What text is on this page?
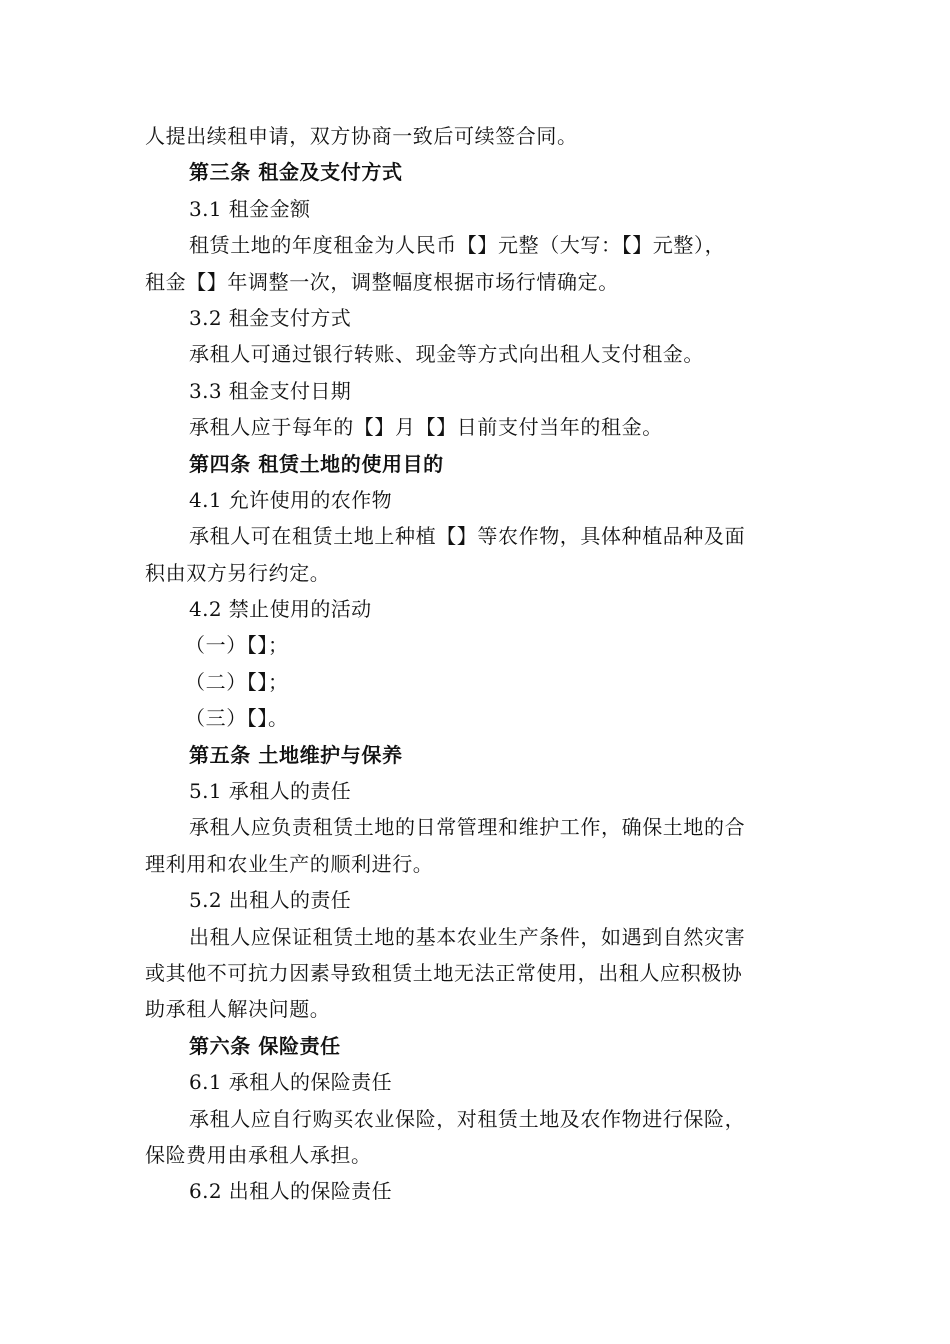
人提出续租申请，双方协商一致后可续签合同。
第三条 租金及支付方式
3.1 租金金额
租赁土地的年度租金为人民币【】元整（大写：【】元整），
租金【】年调整一次，调整幅度根据市场行情确定。
3.2 租金支付方式
承租人可通过银行转账、现金等方式向出租人支付租金。
3.3 租金支付日期
承租人应于每年的【】月【】日前支付当年的租金。
第四条 租赁土地的使用目的
4.1 允许使用的农作物
承租人可在租赁土地上种植【】等农作物，具体种植品种及面
积由双方另行约定。
4.2 禁止使用的活动
（一）【】；
（二）【】；
（三）【】。
第五条 土地维护与保养
5.1 承租人的责任
承租人应负责租赁土地的日常管理和维护工作，确保土地的合
理利用和农业生产的顺利进行。
5.2 出租人的责任
出租人应保证租赁土地的基本农业生产条件，如遇到自然灾害
或其他不可抗力因素导致租赁土地无法正常使用，出租人应积极协
助承租人解决问题。
第六条 保险责任
6.1 承租人的保险责任
承租人应自行购买农业保险，对租赁土地及农作物进行保险，
保险费用由承租人承担。
6.2 出租人的保险责任
